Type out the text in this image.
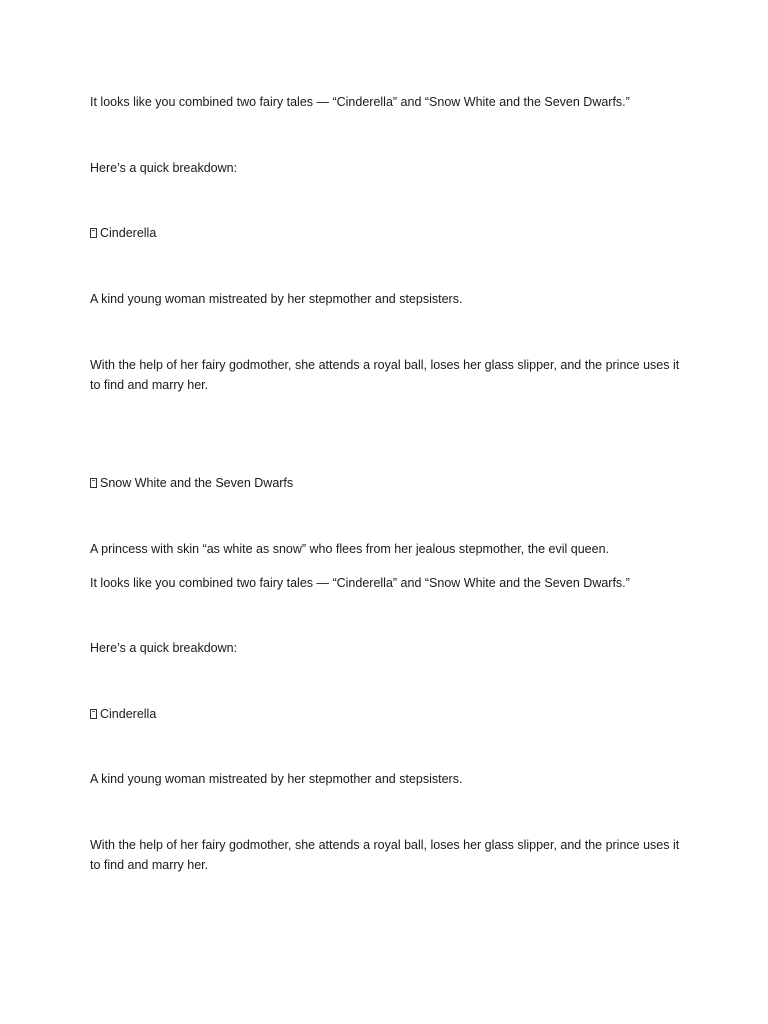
It looks like you combined two fairy tales — “Cinderella” and “Snow White and the Seven Dwarfs.”

Here’s a quick breakdown:

Cinderella

A kind young woman mistreated by her stepmother and stepsisters.

With the help of her fairy godmother, she attends a royal ball, loses her glass slipper, and the prince uses it to find and marry her.

Snow White and the Seven Dwarfs

A princess with skin “as white as snow” who flees from her jealous stepmother, the evil queen.

It looks like you combined two fairy tales — “Cinderella” and “Snow White and the Seven Dwarfs.”

Here’s a quick breakdown:

Cinderella

A kind young woman mistreated by her stepmother and stepsisters.

With the help of her fairy godmother, she attends a royal ball, loses her glass slipper, and the prince uses it to find and marry her.
